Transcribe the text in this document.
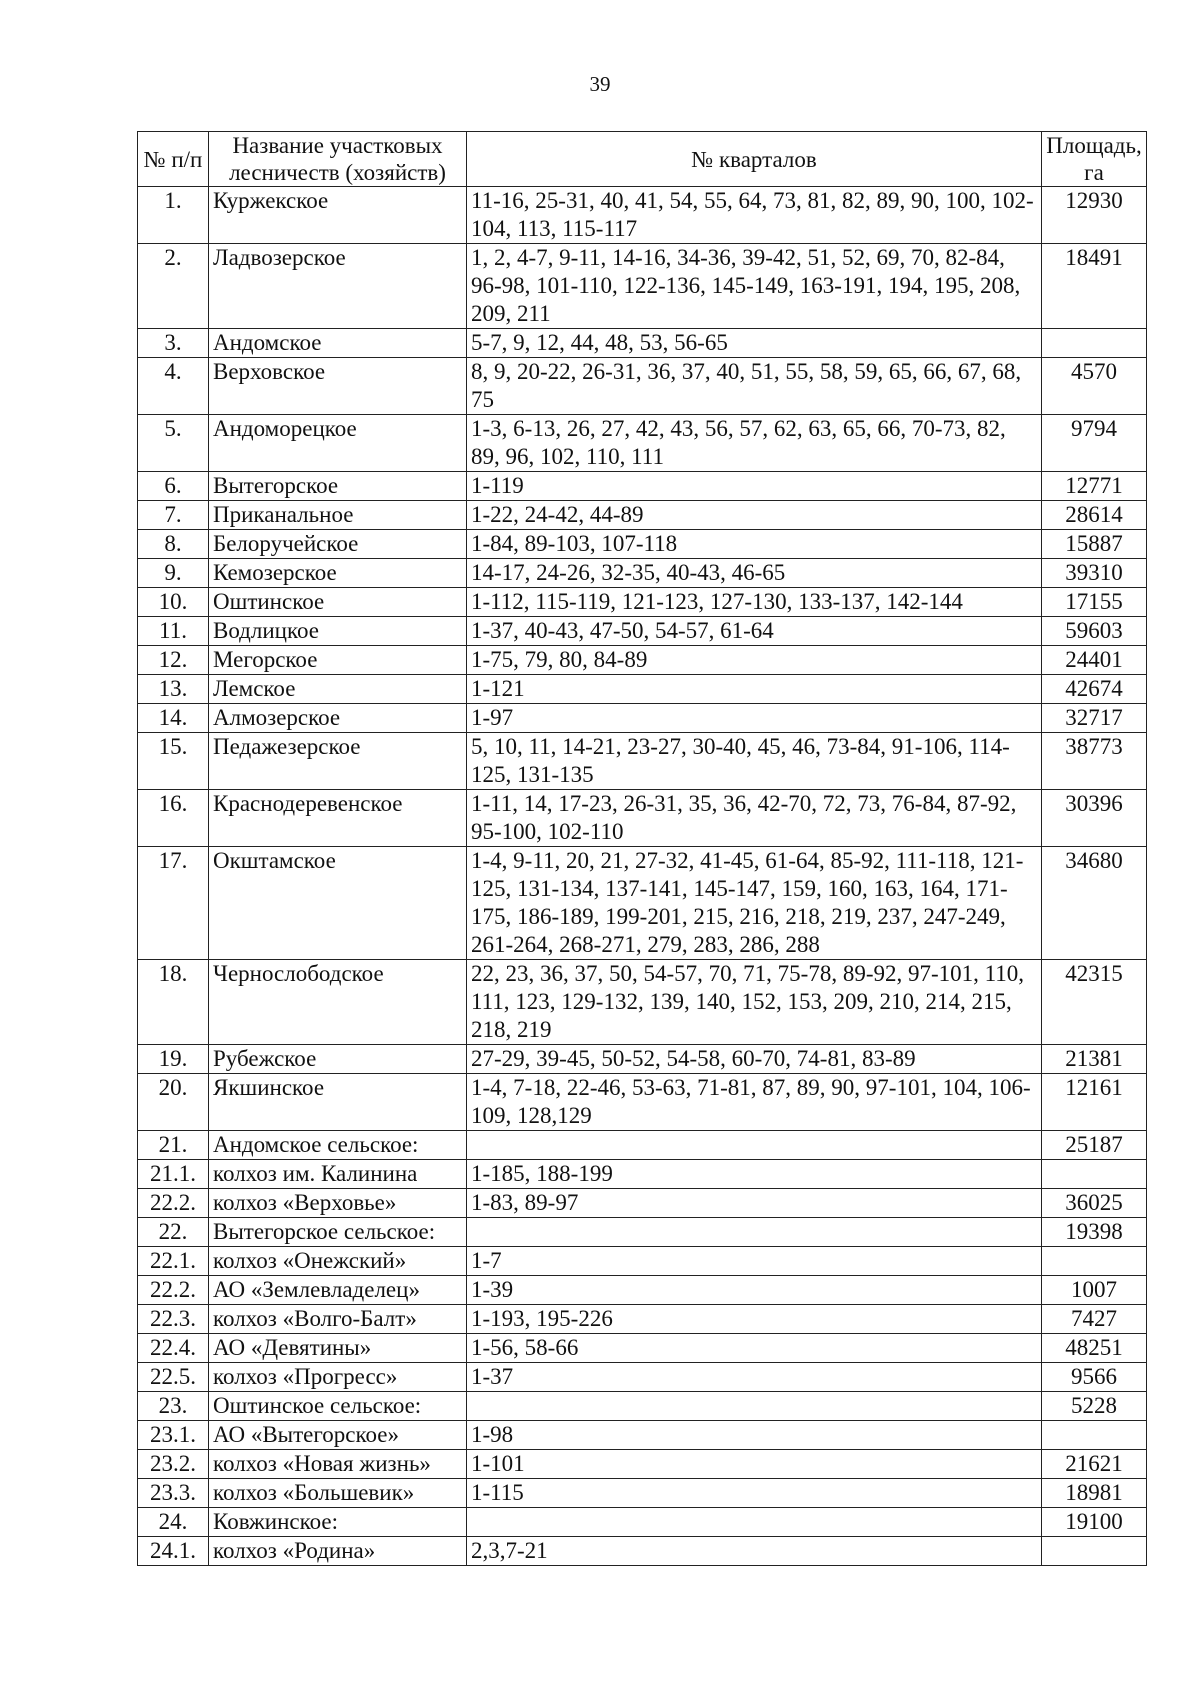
39
№ п/п	Название участковых лесничеств (хозяйств)	№ кварталов	Площадь, га
1.	Куржекское	11-16, 25-31, 40, 41, 54, 55, 64, 73, 81, 82, 89, 90, 100, 102-104, 113, 115-117	12930
2.	Ладвозерское	1, 2, 4-7, 9-11, 14-16, 34-36, 39-42, 51, 52, 69, 70, 82-84, 96-98, 101-110, 122-136, 145-149, 163-191, 194, 195, 208, 209, 211	18491
3.	Андомское	5-7, 9, 12, 44, 48, 53, 56-65	
4.	Верховское	8, 9, 20-22, 26-31, 36, 37, 40, 51, 55, 58, 59, 65, 66, 67, 68, 75	4570
5.	Андоморецкое	1-3, 6-13, 26, 27, 42, 43, 56, 57, 62, 63, 65, 66, 70-73, 82, 89, 96, 102, 110, 111	9794
6.	Вытегорское	1-119	12771
7.	Приканальное	1-22, 24-42, 44-89	28614
8.	Белоручейское	1-84, 89-103, 107-118	15887
9.	Кемозерское	14-17, 24-26, 32-35, 40-43, 46-65	39310
10.	Оштинское	1-112, 115-119, 121-123, 127-130, 133-137, 142-144	17155
11.	Водлицкое	1-37, 40-43, 47-50, 54-57, 61-64	59603
12.	Мегорское	1-75, 79, 80, 84-89	24401
13.	Лемское	1-121	42674
14.	Алмозерское	1-97	32717
15.	Педажезерское	5, 10, 11, 14-21, 23-27, 30-40, 45, 46, 73-84, 91-106, 114-125, 131-135	38773
16.	Краснодеревенское	1-11, 14, 17-23, 26-31, 35, 36, 42-70, 72, 73, 76-84, 87-92, 95-100, 102-110	30396
17.	Окштамское	1-4, 9-11, 20, 21, 27-32, 41-45, 61-64, 85-92, 111-118, 121-125, 131-134, 137-141, 145-147, 159, 160, 163, 164, 171-175, 186-189, 199-201, 215, 216, 218, 219, 237, 247-249, 261-264, 268-271, 279, 283, 286, 288	34680
18.	Чернослободское	22, 23, 36, 37, 50, 54-57, 70, 71, 75-78, 89-92, 97-101, 110, 111, 123, 129-132, 139, 140, 152, 153, 209, 210, 214, 215, 218, 219	42315
19.	Рубежское	27-29, 39-45, 50-52, 54-58, 60-70, 74-81, 83-89	21381
20.	Якшинское	1-4, 7-18, 22-46, 53-63, 71-81, 87, 89, 90, 97-101, 104, 106-109, 128,129	12161
21.	Андомское сельское:		25187
21.1.	колхоз им. Калинина	1-185, 188-199	
22.2.	колхоз «Верховье»	1-83, 89-97	36025
22.	Вытегорское сельское:		19398
22.1.	колхоз «Онежский»	1-7	
22.2.	АО «Землевладелец»	1-39	1007
22.3.	колхоз «Волго-Балт»	1-193, 195-226	7427
22.4.	АО «Девятины»	1-56, 58-66	48251
22.5.	колхоз «Прогресс»	1-37	9566
23.	Оштинское сельское:		5228
23.1.	АО «Вытегорское»	1-98	
23.2.	колхоз «Новая жизнь»	1-101	21621
23.3.	колхоз «Большевик»	1-115	18981
24.	Ковжинское:		19100
24.1.	колхоз «Родина»	2,3,7-21	
